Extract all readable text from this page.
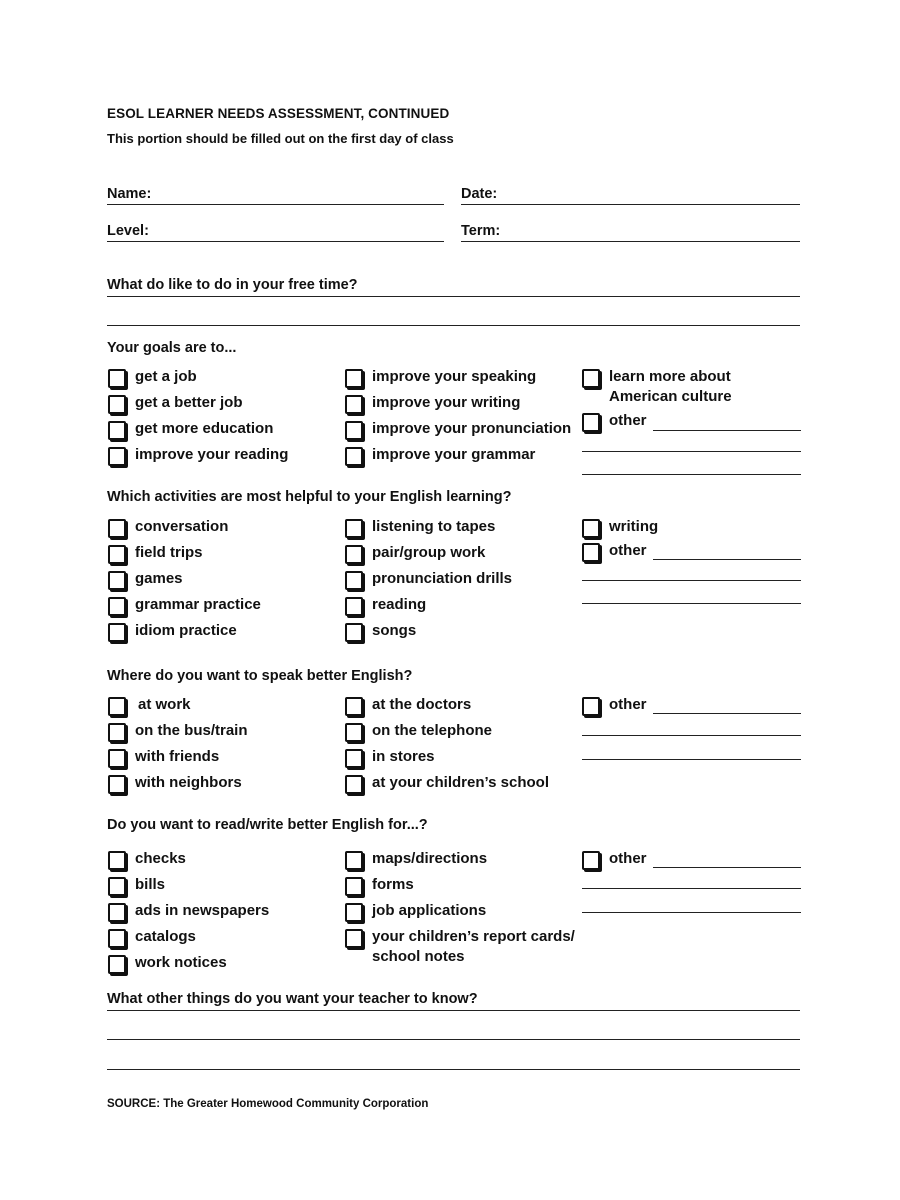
ESOL LEARNER NEEDS ASSESSMENT, CONTINUED
This portion should be filled out on the first day of class
Name:	Date:
Level:	Term:
What do like to do in your free time?
Your goals are to...
get a job
get a better job
get more education
improve your reading
improve your speaking
improve your writing
improve your pronunciation
improve your grammar
learn more about
American culture
other
Which activities are most helpful to your English learning?
conversation
field trips
games
grammar practice
idiom practice
listening to tapes
pair/group work
pronunciation drills
reading
songs
writing
other
Where do you want to speak better English?
at work
on the bus/train
with friends
with neighbors
at the doctors
on the telephone
in stores
at your children’s school
other
Do you want to read/write better English for...?
checks
bills
ads in newspapers
catalogs
work notices
maps/directions
forms
job applications
your children’s report cards/
school notes
other
What other things do you want your teacher to know?
SOURCE: The Greater Homewood Community Corporation
